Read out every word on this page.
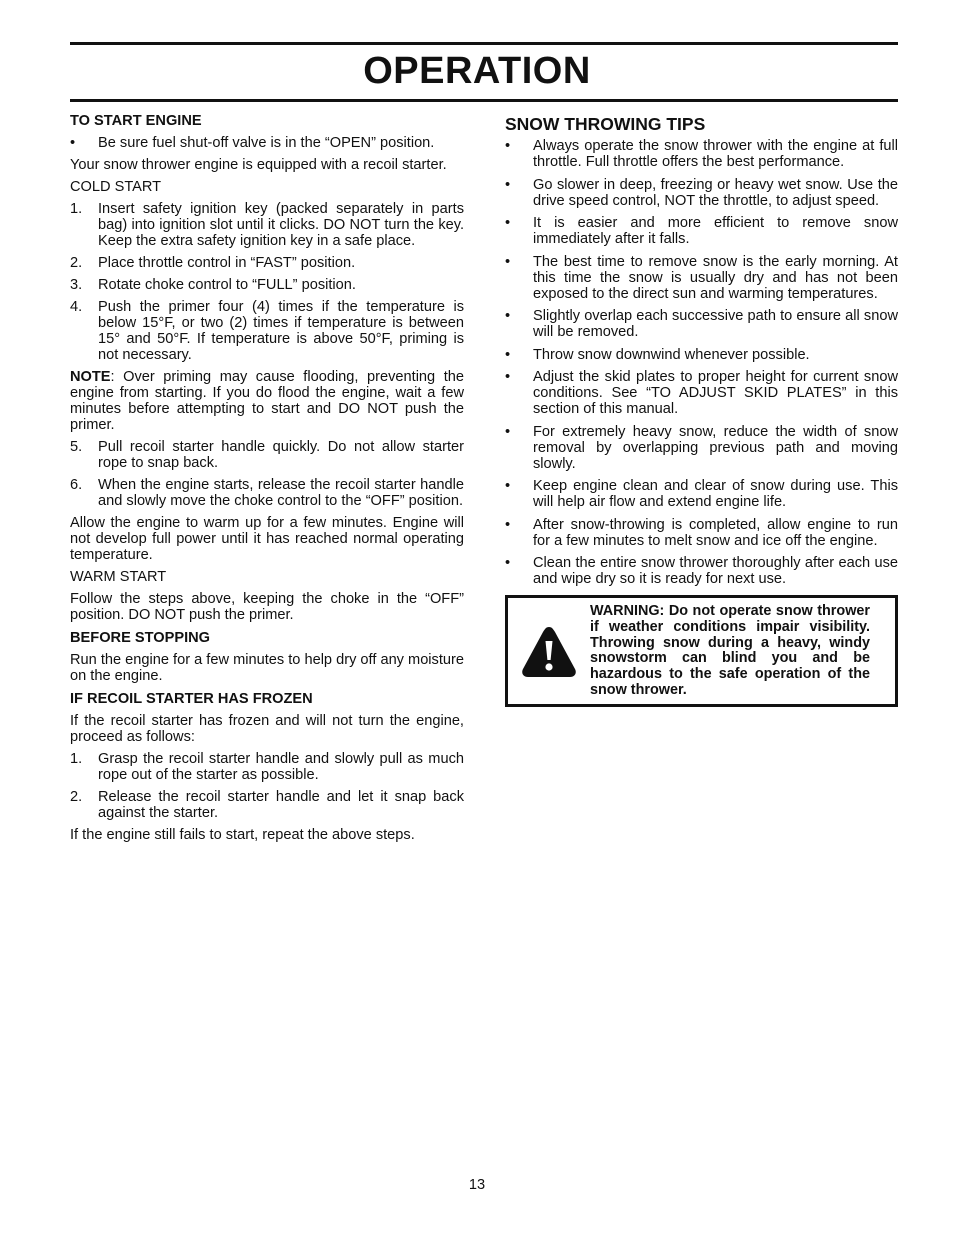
OPERATION
TO START ENGINE
• Be sure fuel shut-off valve is in the “OPEN” position.

Your snow thrower engine is equipped with a recoil starter.

COLD START

1. Insert safety ignition key (packed separately in parts bag) into ignition slot until it clicks. DO NOT turn the key. Keep the extra safety ignition key in a safe place.
2. Place throttle control in “FAST” position.
3. Rotate choke control to “FULL” position.
4. Push the primer four (4) times if the temperature is below 15°F, or two (2) times if temperature is between 15° and 50°F. If temperature is above 50°F, priming is not necessary.

NOTE: Over priming may cause flooding, preventing the engine from starting. If you do flood the engine, wait a few minutes before attempting to start and DO NOT push the primer.

5. Pull recoil starter handle quickly. Do not allow starter rope to snap back.
6. When the engine starts, release the recoil starter handle and slowly move the choke control to the “OFF” position.

Allow the engine to warm up for a few minutes. Engine will not develop full power until it has reached normal operating temperature.

WARM START

Follow the steps above, keeping the choke in the “OFF” position. DO NOT push the primer.

BEFORE STOPPING

Run the engine for a few minutes to help dry off any moisture on the engine.

IF RECOIL STARTER HAS FROZEN

If the recoil starter has frozen and will not turn the engine, proceed as follows:

1. Grasp the recoil starter handle and slowly pull as much rope out of the starter as possible.
2. Release the recoil starter handle and let it snap back against the starter.

If the engine still fails to start, repeat the above steps.

SNOW THROWING TIPS
• Always operate the snow thrower with the engine at full throttle. Full throttle offers the best performance.
• Go slower in deep, freezing or heavy wet snow. Use the drive speed control, NOT the throttle, to adjust speed.
• It is easier and more efficient to remove snow immediately after it falls.
• The best time to remove snow is the early morning. At this time the snow is usually dry and has not been exposed to the direct sun and warming temperatures.
• Slightly overlap each successive path to ensure all snow will be removed.
• Throw snow downwind whenever possible.
• Adjust the skid plates to proper height for current snow conditions. See “TO ADJUST SKID PLATES” in this section of this manual.
• For extremely heavy snow, reduce the width of snow removal by overlapping previous path and moving slowly.
• Keep engine clean and clear of snow during use. This will help air flow and extend engine life.
• After snow-throwing is completed, allow engine to run for a few minutes to melt snow and ice off the engine.
• Clean the entire snow thrower thoroughly after each use and wipe dry so it is ready for next use.
WARNING: Do not operate snow thrower if weather conditions impair visibility. Throwing snow during a heavy, windy snowstorm can blind you and be hazardous to the safe operation of the snow thrower.
13
